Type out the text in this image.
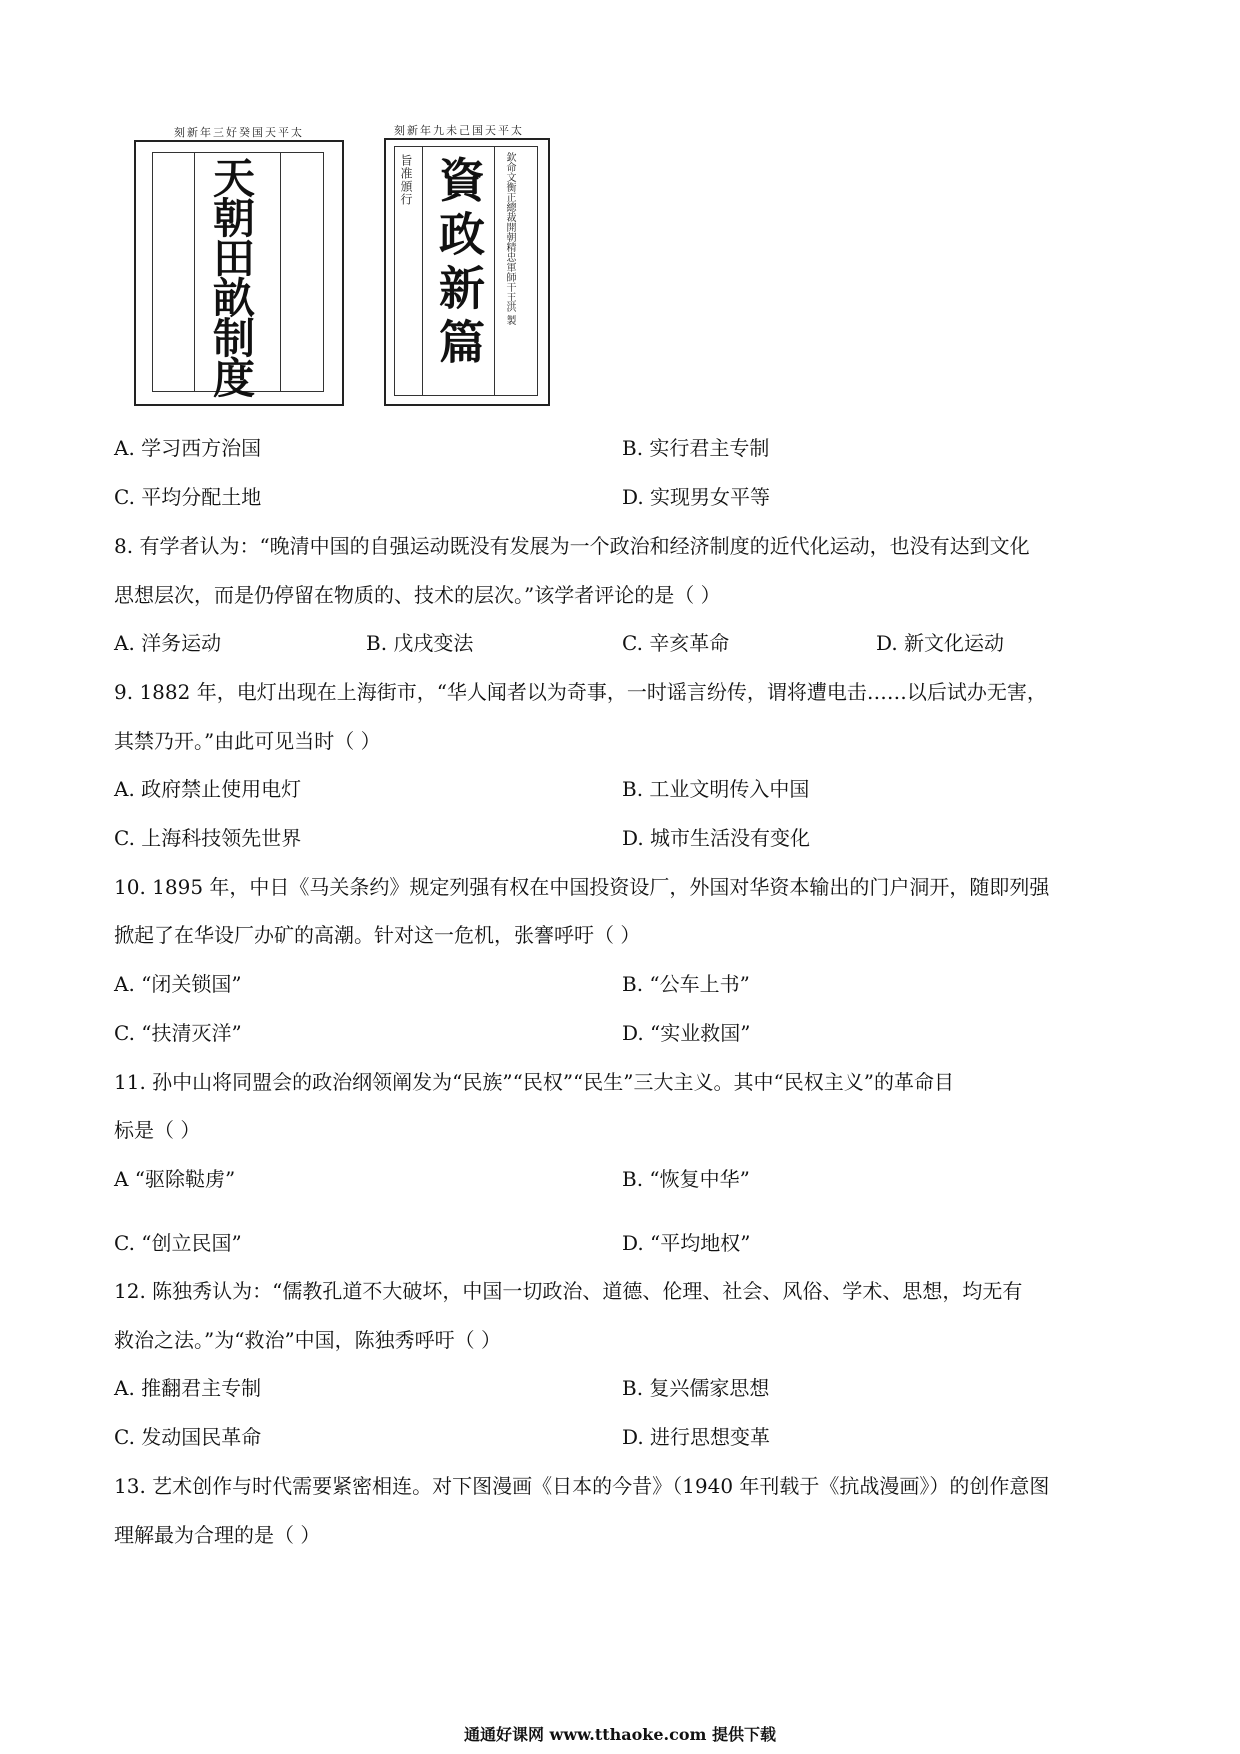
太平天国癸好三年新刻
天朝田畝制度
太平天国己未九年新刻
旨准頒行 資政新篇 欽命文衡正總裁開朝精忠軍師干王洪 製
A. 学习西方治国	B. 实行君主专制
C. 平均分配土地	D. 实现男女平等
8. 有学者认为：“晚清中国的自强运动既没有发展为一个政治和经济制度的近代化运动，也没有达到文化
思想层次，而是仍停留在物质的、技术的层次。”该学者评论的是（ ）
A. 洋务运动	B. 戊戌变法	C. 辛亥革命	D. 新文化运动
9. 1882 年，电灯出现在上海街市，“华人闻者以为奇事，一时谣言纷传，谓将遭电击……以后试办无害，
其禁乃开。”由此可见当时（ ）
A. 政府禁止使用电灯	B. 工业文明传入中国
C. 上海科技领先世界	D. 城市生活没有变化
10. 1895 年，中日《马关条约》规定列强有权在中国投资设厂，外国对华资本输出的门户洞开，随即列强
掀起了在华设厂办矿的高潮。针对这一危机，张謇呼吁（ ）
A. “闭关锁国”	B. “公车上书”
C. “扶清灭洋”	D. “实业救国”
11. 孙中山将同盟会的政治纲领阐发为“民族”“民权”“民生”三大主义。其中“民权主义”的革命目
标是（ ）
A “驱除鞑虏”	B. “恢复中华”
C. “创立民国”	D. “平均地权”
12. 陈独秀认为：“儒教孔道不大破坏，中国一切政治、道德、伦理、社会、风俗、学术、思想，均无有
救治之法。”为“救治”中国，陈独秀呼吁（ ）
A. 推翻君主专制	B. 复兴儒家思想
C. 发动国民革命	D. 进行思想变革
13. 艺术创作与时代需要紧密相连。对下图漫画《日本的今昔》（1940 年刊载于《抗战漫画》）的创作意图
理解最为合理的是（ ）
通通好课网 www.tthaoke.com 提供下载
